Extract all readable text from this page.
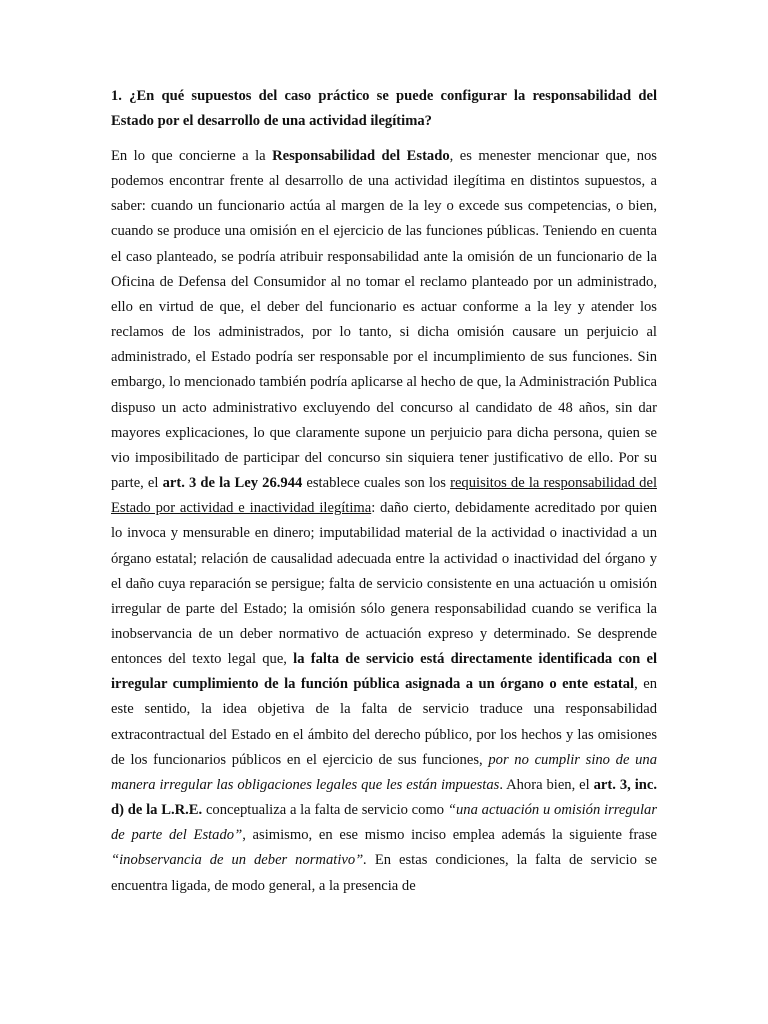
1. ¿En qué supuestos del caso práctico se puede configurar la responsabilidad del Estado por el desarrollo de una actividad ilegítima?

En lo que concierne a la Responsabilidad del Estado, es menester mencionar que, nos podemos encontrar frente al desarrollo de una actividad ilegítima en distintos supuestos, a saber: cuando un funcionario actúa al margen de la ley o excede sus competencias, o bien, cuando se produce una omisión en el ejercicio de las funciones públicas. Teniendo en cuenta el caso planteado, se podría atribuir responsabilidad ante la omisión de un funcionario de la Oficina de Defensa del Consumidor al no tomar el reclamo planteado por un administrado, ello en virtud de que, el deber del funcionario es actuar conforme a la ley y atender los reclamos de los administrados, por lo tanto, si dicha omisión causare un perjuicio al administrado, el Estado podría ser responsable por el incumplimiento de sus funciones. Sin embargo, lo mencionado también podría aplicarse al hecho de que, la Administración Publica dispuso un acto administrativo excluyendo del concurso al candidato de 48 años, sin dar mayores explicaciones, lo que claramente supone un perjuicio para dicha persona, quien se vio imposibilitado de participar del concurso sin siquiera tener justificativo de ello. Por su parte, el art. 3 de la Ley 26.944 establece cuales son los requisitos de la responsabilidad del Estado por actividad e inactividad ilegítima: daño cierto, debidamente acreditado por quien lo invoca y mensurable en dinero; imputabilidad material de la actividad o inactividad a un órgano estatal; relación de causalidad adecuada entre la actividad o inactividad del órgano y el daño cuya reparación se persigue; falta de servicio consistente en una actuación u omisión irregular de parte del Estado; la omisión sólo genera responsabilidad cuando se verifica la inobservancia de un deber normativo de actuación expreso y determinado. Se desprende entonces del texto legal que, la falta de servicio está directamente identificada con el irregular cumplimiento de la función pública asignada a un órgano o ente estatal, en este sentido, la idea objetiva de la falta de servicio traduce una responsabilidad extracontractual del Estado en el ámbito del derecho público, por los hechos y las omisiones de los funcionarios públicos en el ejercicio de sus funciones, por no cumplir sino de una manera irregular las obligaciones legales que les están impuestas. Ahora bien, el art. 3, inc. d) de la L.R.E. conceptualiza a la falta de servicio como “una actuación u omisión irregular de parte del Estado”, asimismo, en ese mismo inciso emplea además la siguiente frase “inobservancia de un deber normativo”. En estas condiciones, la falta de servicio se encuentra ligada, de modo general, a la presencia de
